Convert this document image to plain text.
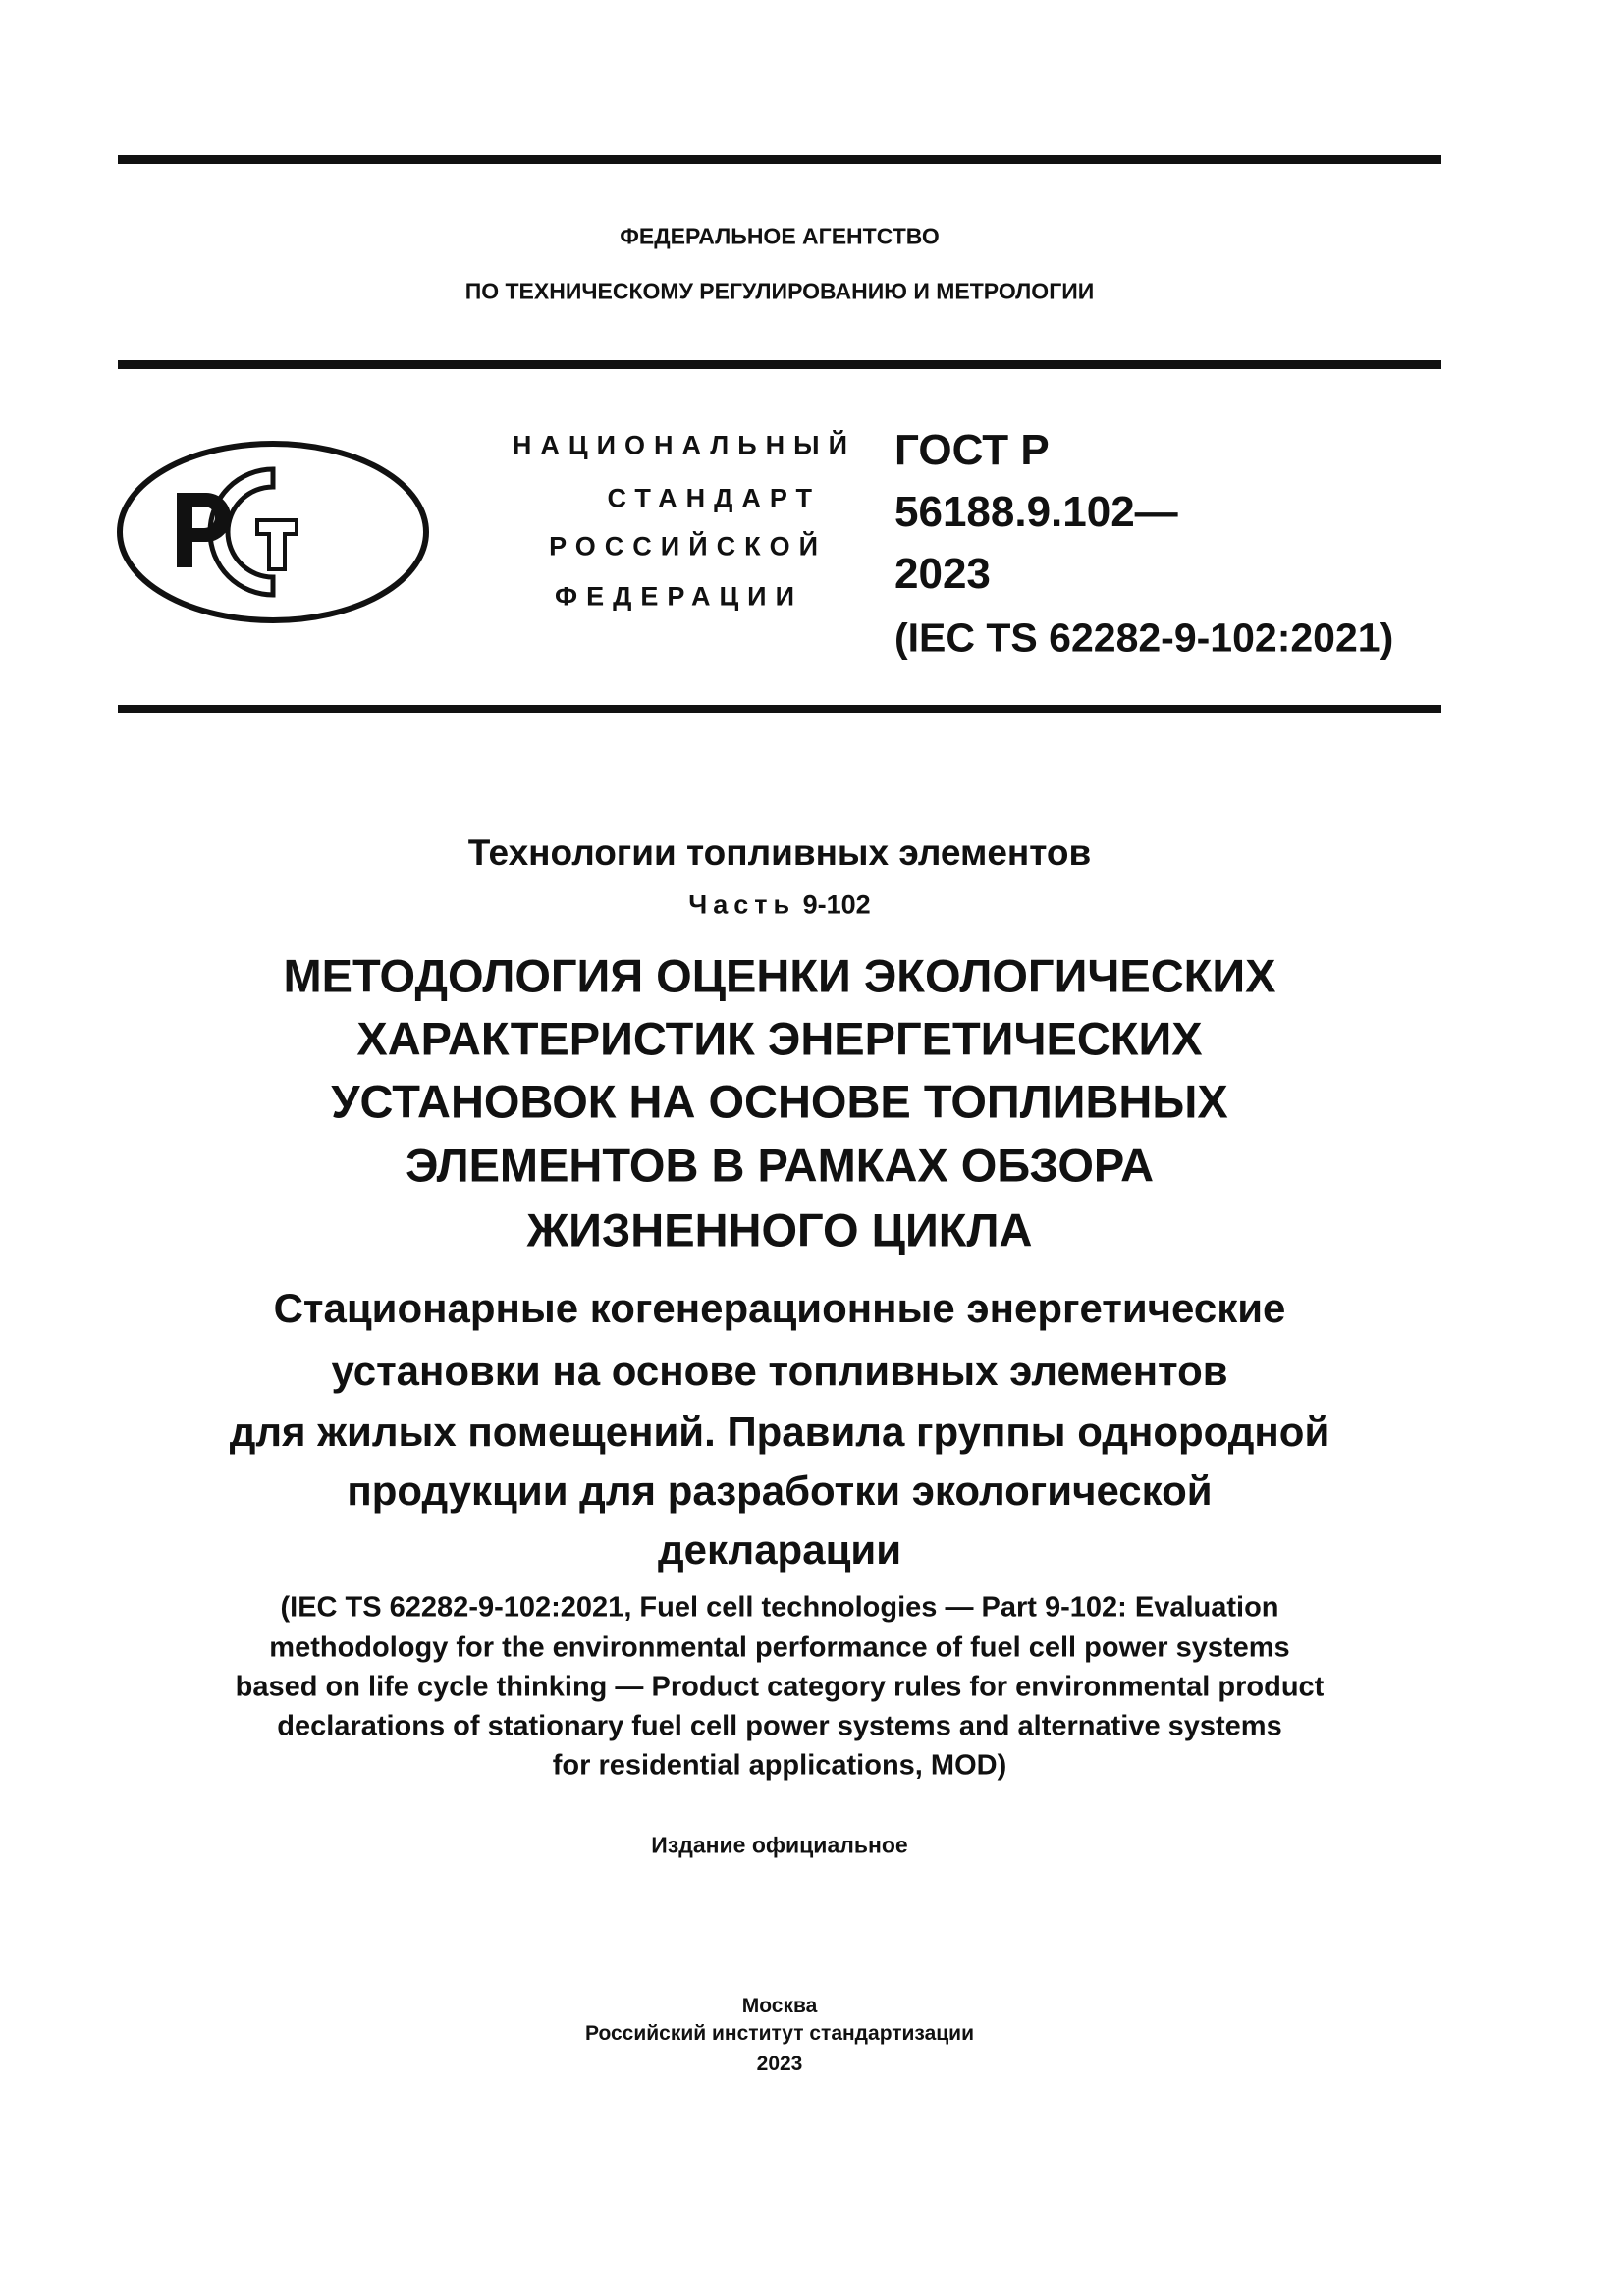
ФЕДЕРАЛЬНОЕ АГЕНТСТВО
ПО ТЕХНИЧЕСКОМУ РЕГУЛИРОВАНИЮ И МЕТРОЛОГИИ
НАЦИОНАЛЬНЫЙ
СТАНДАРТ
РОССИЙСКОЙ
ФЕДЕРАЦИИ
ГОСТ Р
56188.9.102—
2023
(IEC TS 62282-9-102:2021)
Технологии топливных элементов
Часть 9-102
МЕТОДОЛОГИЯ ОЦЕНКИ ЭКОЛОГИЧЕСКИХ
ХАРАКТЕРИСТИК ЭНЕРГЕТИЧЕСКИХ
УСТАНОВОК НА ОСНОВЕ ТОПЛИВНЫХ
ЭЛЕМЕНТОВ В РАМКАХ ОБЗОРА
ЖИЗНЕННОГО ЦИКЛА
Стационарные когенерационные энергетические
установки на основе топливных элементов
для жилых помещений. Правила группы однородной
продукции для разработки экологической
декларации
(IEC TS 62282-9-102:2021, Fuel cell technologies — Part 9-102: Evaluation
methodology for the environmental performance of fuel cell power systems
based on life cycle thinking — Product category rules for environmental product
declarations of stationary fuel cell power systems and alternative systems
for residential applications, MOD)
Издание официальное
Москва
Российский институт стандартизации
2023
